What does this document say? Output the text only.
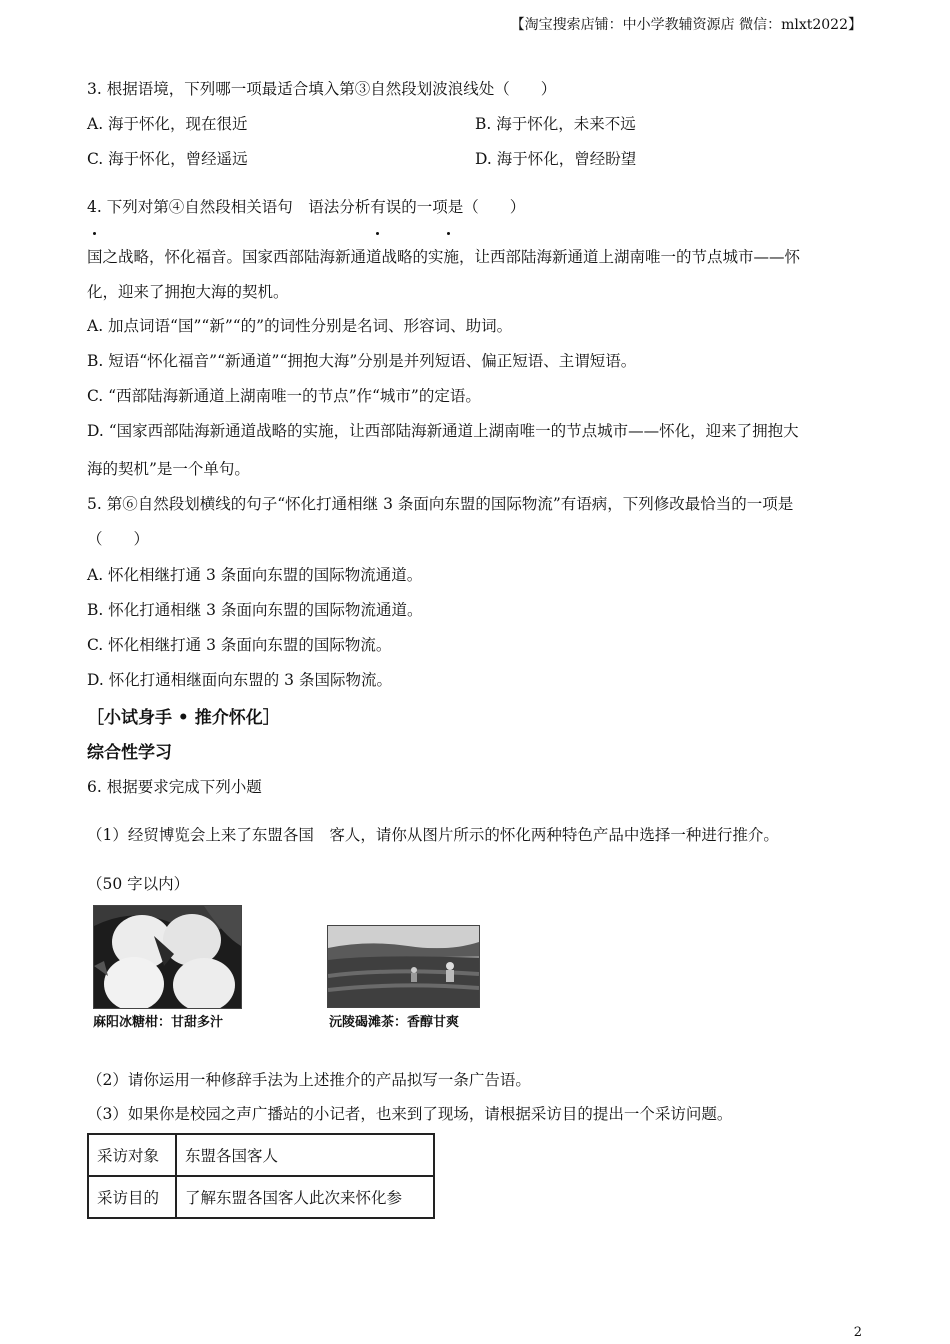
【淘宝搜索店铺：中小学教辅资源店 微信：mlxt2022】
3. 根据语境，下列哪一项最适合填入第③自然段划波浪线处（　　）
A. 海于怀化，现在很近	B. 海于怀化，未来不远
C. 海于怀化，曾经遥远	D. 海于怀化，曾经盼望
4. 下列对第④自然段相关语句　语法分析有误的一项是（　　）
国之战略，怀化福音。国家西部陆海新通道战略的实施，让西部陆海新通道上湖南唯一的节点城市——怀
化，迎来了拥抱大海的契机。
A. 加点词语“国”“新”“的”的词性分别是名词、形容词、助词。
B. 短语“怀化福音”“新通道”“拥抱大海”分别是并列短语、偏正短语、主谓短语。
C. “西部陆海新通道上湖南唯一的节点”作“城市”的定语。
D. “国家西部陆海新通道战略的实施，让西部陆海新通道上湖南唯一的节点城市——怀化，迎来了拥抱大
海的契机”是一个单句。
5. 第⑥自然段划横线的句子“怀化打通相继 3 条面向东盟的国际物流”有语病，下列修改最恰当的一项是
（　　）
A. 怀化相继打通 3 条面向东盟的国际物流通道。
B. 怀化打通相继 3 条面向东盟的国际物流通道。
C. 怀化相继打通 3 条面向东盟的国际物流。
D. 怀化打通相继面向东盟的 3 条国际物流。
［小试身手 • 推介怀化］
综合性学习
6. 根据要求完成下列小题
（1）经贸博览会上来了东盟各国　客人，请你从图片所示的怀化两种特色产品中选择一种进行推介。
（50 字以内）
麻阳冰糖柑：甘甜多汁	沅陵碣滩茶：香醇甘爽
（2）请你运用一种修辞手法为上述推介的产品拟写一条广告语。
（3）如果你是校园之声广播站的小记者，也来到了现场，请根据采访目的提出一个采访问题。
采访对象	东盟各国客人
采访目的	了解东盟各国客人此次来怀化参
2
